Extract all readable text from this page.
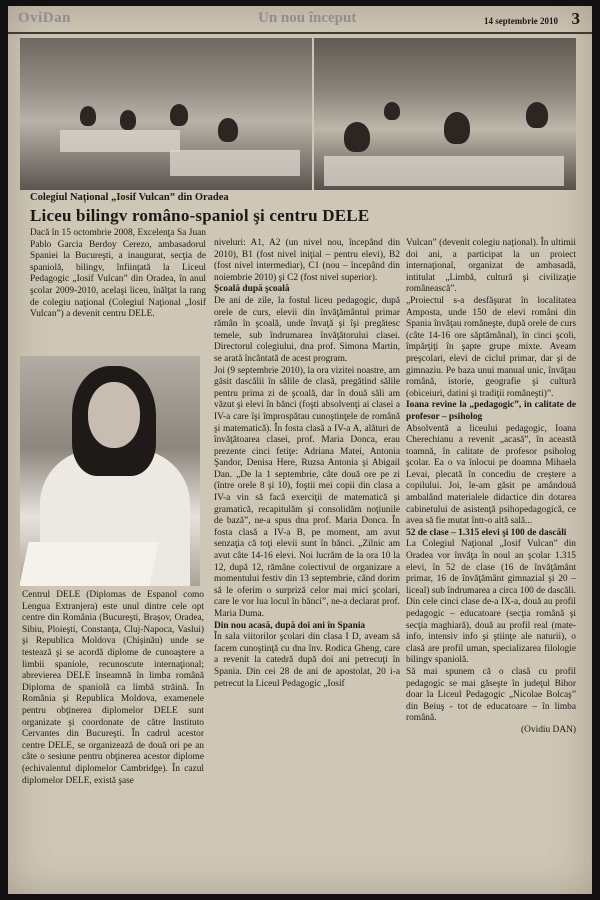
OviDan	Un nou început	14 septembrie 2010 3
Colegiul Naţional „Iosif Vulcan” din Oradea
Liceu bilingv româno-spaniol şi centru DELE

Dacă în 15 octombrie 2008, Excelenţa Sa Juan Pablo Garcia Berdoy Cerezo, ambasadorul Spaniei la Bucureşti, a inaugurat, secţia de spaniolă, bilingv, înfiinţată la Liceul Pedagogic „Iosif Vulcan” din Oradea, în anul şcolar 2009-2010, acelaşi liceu, înălţat la rang de colegiu naţional (Colegiul Naţional „Iosif Vulcan”) a devenit centru DELE.

Centrul DELE (Diplomas de Espanol como Lengua Extranjera) este unul dintre cele opt centre din România (Bucureşti, Braşov, Oradea, Sibiu, Ploieşti, Constanţa, Cluj-Napoca, Vaslui) şi Republica Moldova (Chişinău) unde se testează şi se acordă diplome de cunoaştere a limbii spaniole, recunoscute internaţional; abrevierea DELE înseamnă în limba română Diploma de spaniolă ca limbă străină. În România şi Republica Moldova, examenele pentru obţinerea diplomelor DELE sunt organizate şi coordonate de către Instituto Cervantes din Bucureşti. În cadrul acestor centre DELE, se organizează de două ori pe an câte o sesiune pentru obţinerea acestor diplome (echivalentul diplomelor Cambridge). În cazul diplomelor DELE, există şase

niveluri: A1, A2 (un nivel nou, începând din 2010), B1 (fost nivel iniţial – pentru elevi), B2 (fost nivel intermediar), C1 (nou – începând din noiembrie 2010) şi C2 (fost nivel superior).

Şcoală după şcoală

De ani de zile, la fostul liceu pedagogic, după orele de curs, elevii din învăţământul primar rămân în şcoală, unde învaţă şi îşi pregătesc temele, sub îndrumarea învăţătorului clasei. Directorul colegiului, dna prof. Simona Martin, se arată încântată de acest program.

Joi (9 septembrie 2010), la ora vizitei noastre, am găsit dascălii în sălile de clasă, pregătind sălile pentru prima zi de şcoală, dar în două săli am văzut şi elevi în bănci (foşti absolvenţi ai clasei a IV-a care îşi împrospătau cunoştinţele de română şi matematică). În fosta clasă a IV-a A, alături de învăţătoarea clasei, prof. Maria Donca, erau prezente cinci fetiţe: Adriana Matei, Antonia Şandor, Denisa Here, Ruzsa Antonia şi Abigail Dan. „De la 1 septembrie, câte două ore pe zi (între orele 8 şi 10), foştii mei copii din clasa a IV-a vin să facă exerciţii de matematică şi gramatică, recapitulăm şi consolidăm noţiunile de bază”, ne-a spus dna prof. Maria Donca. În fosta clasă a IV-a B, pe moment, am avut senzaţia că toţi elevii sunt în bănci. „Zilnic am avut câte 14-16 elevi. Noi lucrăm de la ora 10 la 12, după 12, rămâne colectivul de organizare a momentului festiv din 13 septembrie, când dorim să le oferim o surpriză celor mai mici şcolari, care le vor lua locul în bănci”, ne-a declarat prof. Maria Duma.

Din nou acasă, după doi ani în Spania

În sala viitorilor şcolari din clasa I D, aveam să facem cunoştinţă cu dna înv. Rodica Gheng, care a revenit la catedră după doi ani petrecuţi în Spania. Din cei 28 de ani de apostolat, 20 i-a petrecut la Liceul Pedagogic „Iosif

Vulcan” (devenit colegiu naţional). În ultimii doi ani, a participat la un proiect internaţional, organizat de ambasadă, intitulat „Limbă, cultură şi civilizaţie românească”.

„Proiectul s-a desfăşurat în localitatea Amposta, unde 150 de elevi români din Spania învăţau româneşte, după orele de curs (câte 14-16 ore săptămânal), în cinci şcoli, împărţiţi în şapte grupe mixte. Aveam preşcolari, elevi de ciclul primar, dar şi de gimnaziu. Pe baza unui manual unic, învăţau română, istorie, geografie şi cultură (obiceiuri, datini şi tradiţii româneşti)”.

Ioana revine la „pedagogic”, în calitate de profesor – psiholog

Absolventă a liceului pedagogic, Ioana Cherechianu a revenit „acasă”, în această toamnă, în calitate de profesor psiholog şcolar. Ea o va înlocui pe doamna Mihaela Levai, plecată în concediu de creştere a copilului. Joi, le-am găsit pe amândouă ambalând materialele didactice din dotarea cabinetului de asistenţă psihopedagogică, ce avea să fie mutat într-o altă sală...

52 de clase – 1.315 elevi şi 100 de dascăli

La Colegiul Naţional „Iosif Vulcan” din Oradea vor învăţa în noul an şcolar 1.315 elevi, în 52 de clase (16 de învăţământ primar, 16 de învăţământ gimnazial şi 20 – liceal) sub îndrumarea a circa 100 de dascăli. Din cele cinci clase de-a IX-a, două au profil pedagogic – educatoare (secţia română şi secţia maghiară), două au profil real (mate-info, intensiv info şi ştiinţe ale naturii), o clasă are profil uman, specializarea filologie bilingv spaniolă.

Să mai spunem că o clasă cu profil pedagogic se mai găseşte în judeţul Bihor doar la Liceul Pedagogic „Nicolae Bolcaş” din Beiuş - tot de educatoare – în limba română.

(Ovidiu DAN)
